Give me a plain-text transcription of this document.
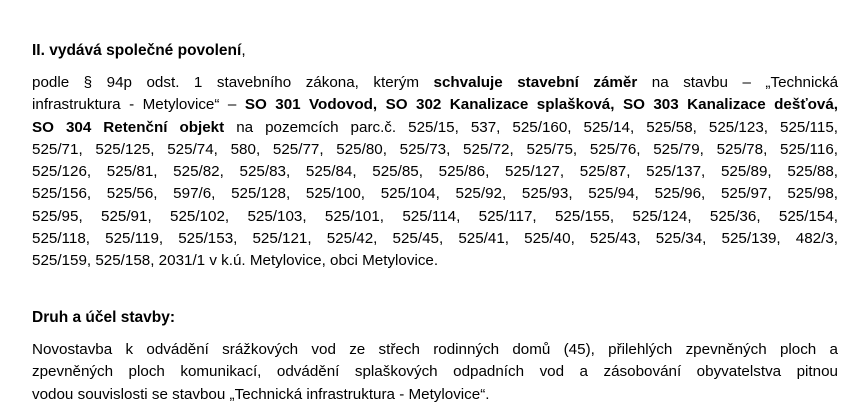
II. vydává společné povolení,
podle § 94p odst. 1 stavebního zákona, kterým schvaluje stavební záměr na stavbu – „Technická
infrastruktura - Metylovice“ – SO 301 Vodovod, SO 302 Kanalizace splašková, SO 303 Kanalizace dešťová,
SO 304 Retenční objekt na pozemcích parc.č. 525/15, 537, 525/160, 525/14, 525/58, 525/123, 525/115,
525/71, 525/125, 525/74, 580, 525/77, 525/80, 525/73, 525/72, 525/75, 525/76, 525/79, 525/78, 525/116,
525/126, 525/81, 525/82, 525/83, 525/84, 525/85, 525/86, 525/127, 525/87, 525/137, 525/89, 525/88,
525/156, 525/56, 597/6, 525/128, 525/100, 525/104, 525/92, 525/93, 525/94, 525/96, 525/97, 525/98,
525/95, 525/91, 525/102, 525/103, 525/101, 525/114, 525/117, 525/155, 525/124, 525/36, 525/154,
525/118, 525/119, 525/153, 525/121, 525/42, 525/45, 525/41, 525/40, 525/43, 525/34, 525/139, 482/3,
525/159, 525/158, 2031/1 v k.ú. Metylovice, obci Metylovice.
Druh a účel stavby:
Novostavba k odvádění srážkových vod ze střech rodinných domů (45), přilehlých zpevněných ploch a
zpevněných ploch komunikací, odvádění splaškových odpadních vod a zásobování obyvatelstva pitnou
vodou souvislosti se stavbou „Technická infrastruktura - Metylovice“.
